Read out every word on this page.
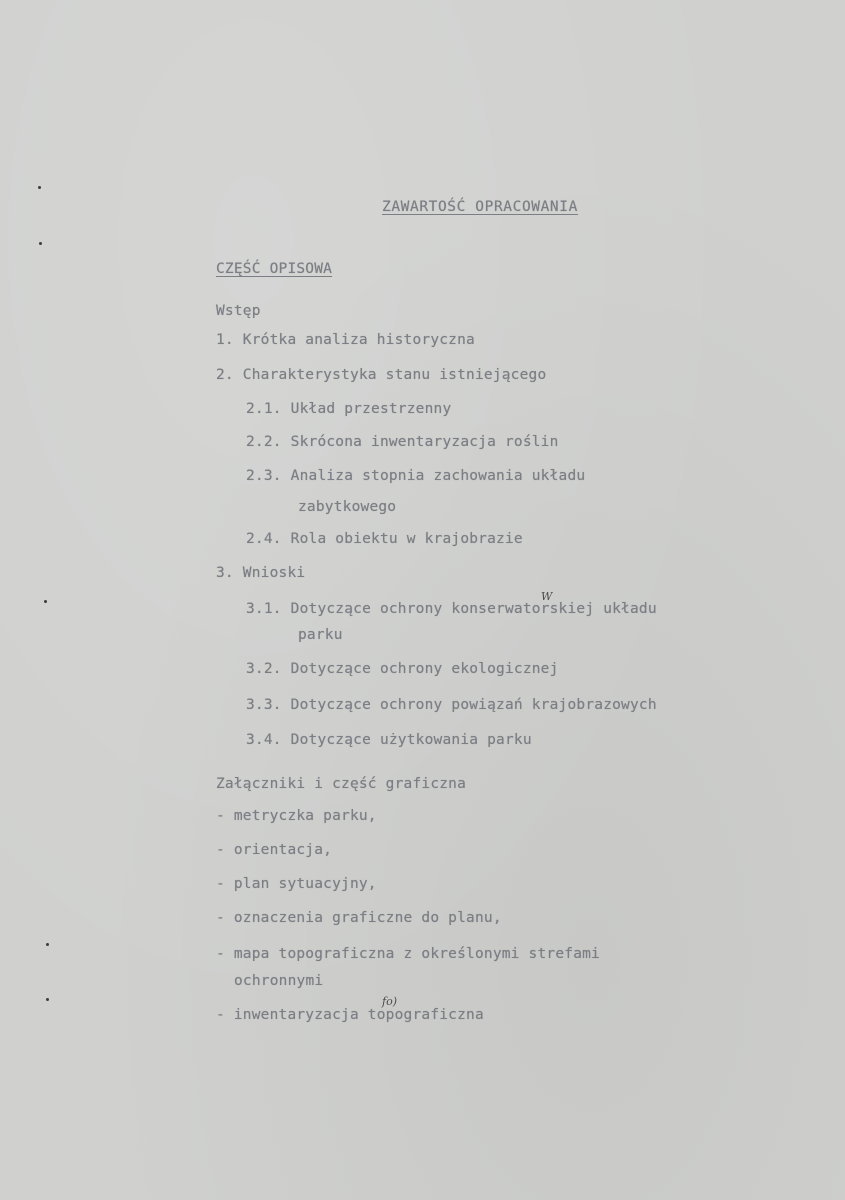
ZAWARTOŚĆ OPRACOWANIA
CZĘŚĆ OPISOWA
Wstęp
1. Krótka analiza historyczna
2. Charakterystyka stanu istniejącego
2.1. Układ przestrzenny
2.2. Skrócona inwentaryzacja roślin
2.3. Analiza stopnia zachowania układu
zabytkowego
2.4. Rola obiektu w krajobrazie
3. Wnioski
3.1. Dotyczące ochrony konserwatorskiej układu
parku
3.2. Dotyczące ochrony ekologicznej
3.3. Dotyczące ochrony powiązań krajobrazowych
3.4. Dotyczące użytkowania parku
Załączniki i część graficzna
- metryczka parku,
- orientacja,
- plan sytuacyjny,
- oznaczenia graficzne do planu,
- mapa topograficzna z określonymi strefami
ochronnymi
- inwentaryzacja topograficzna
W
fo)
